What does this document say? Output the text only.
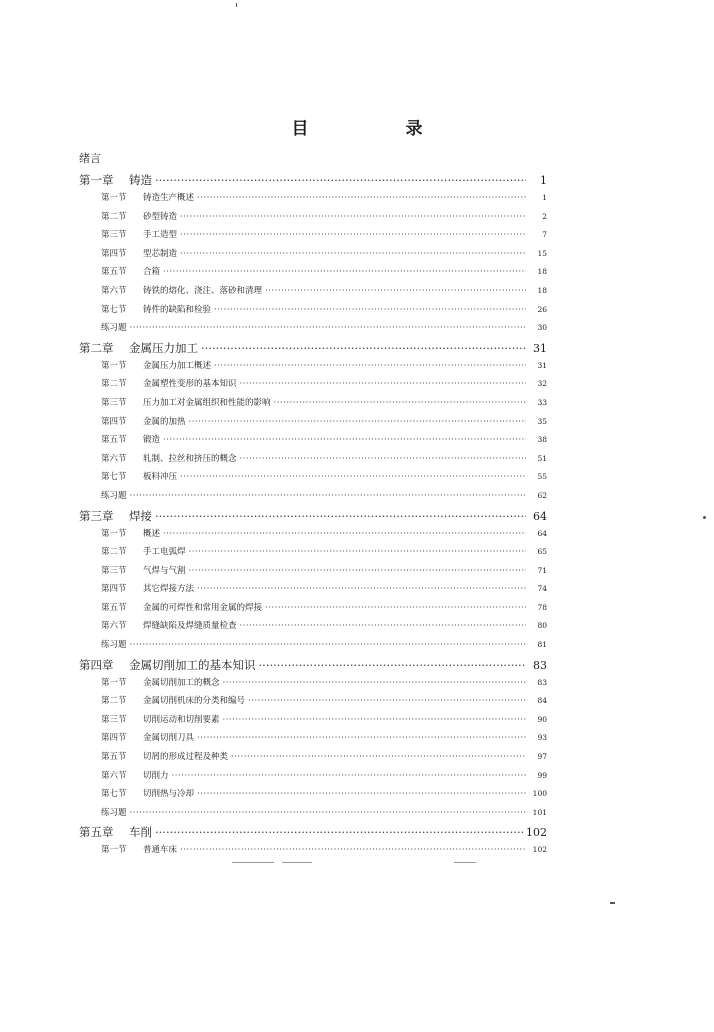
目　录
绪言
第一章	铸造 ·····	1
第一节	铸造生产概述 ·····	1
第二节	砂型铸造 ·····	2
第三节	手工造型 ·····	7
第四节	型芯制造 ·····	15
第五节	合箱 ·····	18
第六节	铸铁的熔化、浇注、落砂和清理 ·····	18
第七节	铸件的缺陷和检验 ·····	26
练习题 ·····	30
第二章	金属压力加工 ·····	31
第一节	金属压力加工概述 ·····	31
第二节	金属塑性变形的基本知识 ·····	32
第三节	压力加工对金属组织和性能的影响 ·····	33
第四节	金属的加热 ·····	35
第五节	锻造 ·····	38
第六节	轧制、拉丝和挤压的概念 ·····	51
第七节	板料冲压 ·····	55
练习题 ·····	62
第三章	焊接 ·····	64
第一节	概述 ·····	64
第二节	手工电弧焊 ·····	65
第三节	气焊与气割 ·····	71
第四节	其它焊接方法 ·····	74
第五节	金属的可焊性和常用金属的焊接 ·····	78
第六节	焊缝缺陷及焊缝质量检查 ·····	80
练习题 ·····	81
第四章	金属切削加工的基本知识 ·····	83
第一节	金属切削加工的概念 ·····	83
第二节	金属切削机床的分类和编号 ·····	84
第三节	切削运动和切削要素 ·····	90
第四节	金属切削刀具 ·····	93
第五节	切屑的形成过程及种类 ·····	97
第六节	切削力 ·····	99
第七节	切削热与冷却 ·····	100
练习题 ·····	101
第五章	车削 ·····	102
第一节	普通车床 ·····	102
